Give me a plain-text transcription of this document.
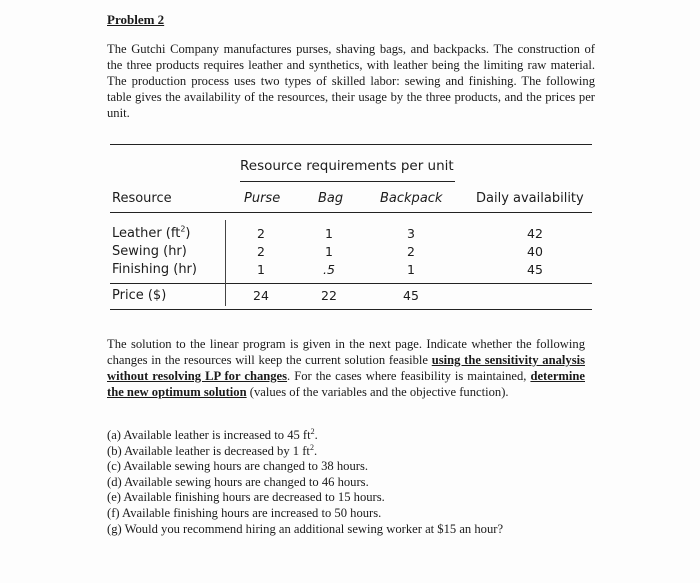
Problem 2
The Gutchi Company manufactures purses, shaving bags, and backpacks. The construction of the three products requires leather and synthetics, with leather being the limiting raw material. The production process uses two types of skilled labor: sewing and finishing. The following table gives the availability of the resources, their usage by the three products, and the prices per unit.
Resource requirements per unit
Resource	Purse	Bag	Backpack	Daily availability
Leather $(ft^2)$	2	1	3	42
Sewing (hr)	2	1	2	40
Finishing (hr)	1	.5	1	45
Price ($)	24	22	45
The solution to the linear program is given in the next page. Indicate whether the following changes in the resources will keep the current solution feasible using the sensitivity analysis without resolving LP for changes. For the cases where feasibility is maintained, determine the new optimum solution (values of the variables and the objective function).
(a) Available leather is increased to 45 $ft^2$.
(b) Available leather is decreased by 1 $ft^2$.
(c) Available sewing hours are changed to 38 hours.
(d) Available sewing hours are changed to 46 hours.
(e) Available finishing hours are decreased to 15 hours.
(f) Available finishing hours are increased to 50 hours.
(g) Would you recommend hiring an additional sewing worker at $15 an hour?
